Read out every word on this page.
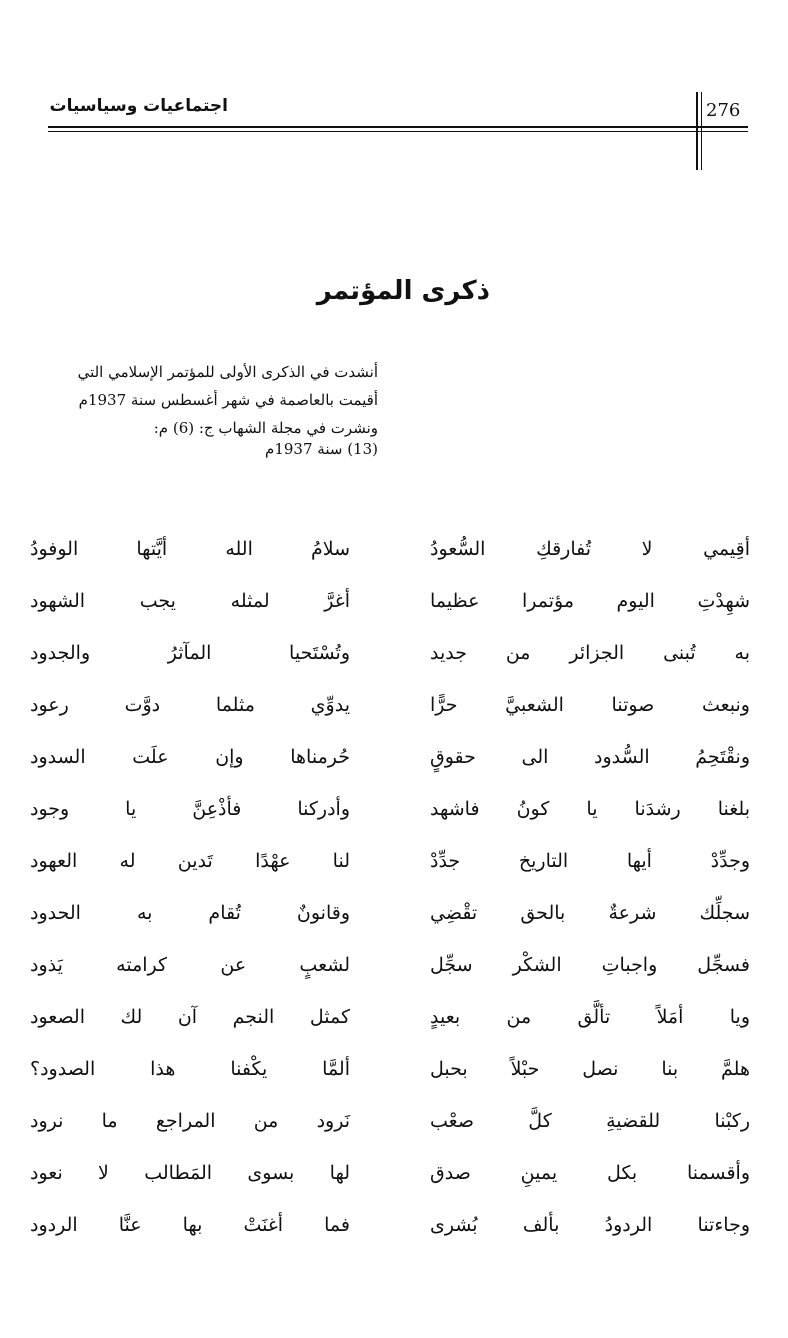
اجتماعيات وسياسيات	276
ذكرى المؤتمر
أنشدت في الذكرى الأولى للمؤتمر الإسلامي التي
أقيمت بالعاصمة في شهر أغسطس سنة 1937م
ونشرت في مجلة الشهاب ج: (6) م: (13) سنة 1937م
أقِيمي لا تُفارقكِ السُّعودُ
سلامُ الله أيَّتها الوفودُ
شهِدْتِ اليوم مؤتمرا عظيما
أغرَّ لمثله يجب الشهود
به تُبنى الجزائر من جديد
وتُسْتَحيا المآثرُ والجدود
ونبعث صوتنا الشعبيَّ حرًّا
يدوِّي مثلما دوَّت رعود
ونقْتَحِمُ السُّدود الى حقوقٍ
حُرمناها وإن علَت السدود
بلغنا رشدَنا يا كونُ فاشهد
وأدركنا فأذْعِنَّ يا وجود
وجدِّدْ أيها التاريخ جدِّدْ
لنا عهْدًا تَدين له العهود
سجلِّك شرعةٌ بالحق تقْضِي
وقانونٌ تُقام به الحدود
فسجِّل واجباتِ الشكْر سجِّل
لشعبٍ عن كرامته يَذود
ويا أمَلاً تألَّق من بعيدٍ
كمثل النجم آن لك الصعود
هلمَّ بنا نصل حبْلاً بحبل
ألمَّا يكْفنا هذا الصدود؟
ركبْنا للقضيةِ كلَّ صعْب
نَرود من المراجع ما نرود
وأقسمنا بكل يمينِ صدق
لها بسوى المَطالب لا نعود
وجاءتنا الردودُ بألف بُشرى
فما أغنَتْ بها عنَّا الردود
